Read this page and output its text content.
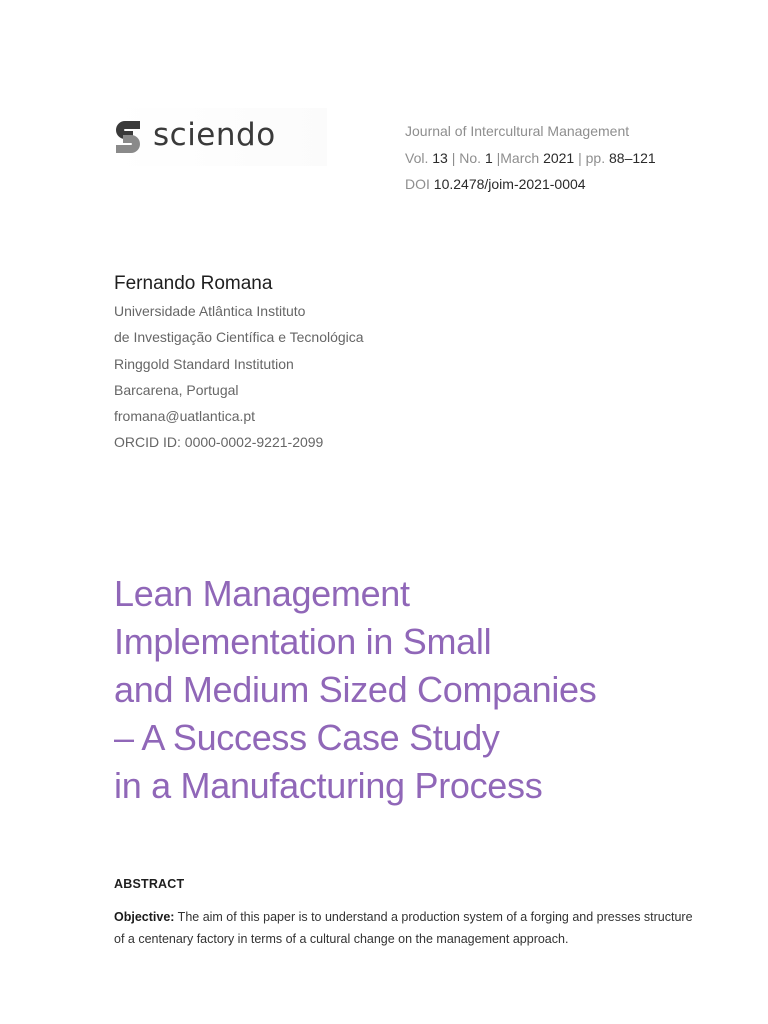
sciendo	Journal of Intercultural Management
Vol. 13 | No. 1 |March 2021 | pp. 88–121
DOI 10.2478/joim-2021-0004
Fernando Romana
Universidade Atlântica Instituto
de Investigação Científica e Tecnológica
Ringgold Standard Institution
Barcarena, Portugal
fromana@uatlantica.pt
ORCID ID: 0000-0002-9221-2099
Lean Management
Implementation in Small
and Medium Sized Companies
– A Success Case Study
in a Manufacturing Process
ABSTRACT
Objective: The aim of this paper is to understand a production system of a forging and presses structure of a centenary factory in terms of a cultural change on the management approach.
